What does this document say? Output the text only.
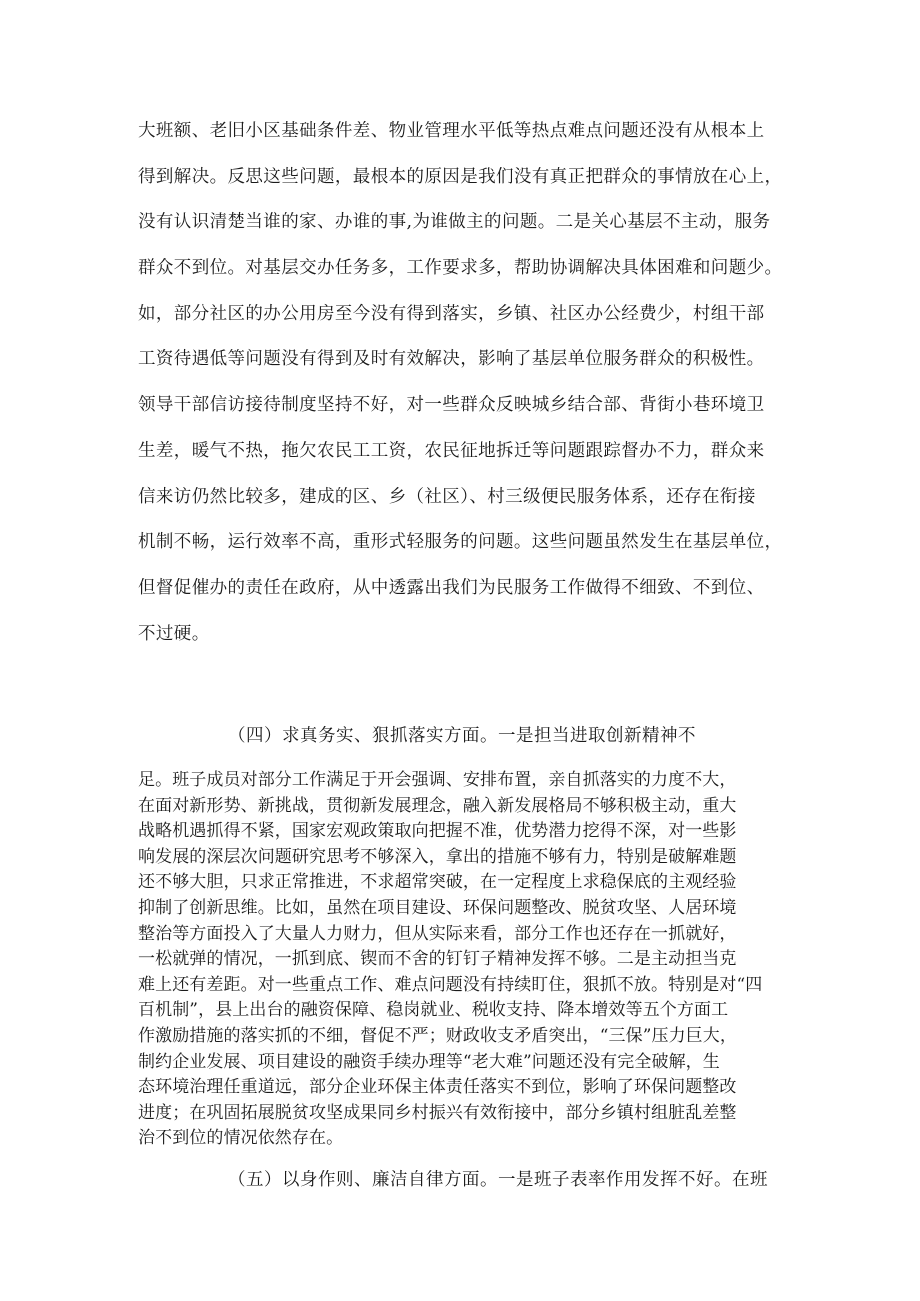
大班额、老旧小区基础条件差、物业管理水平低等热点难点问题还没有从根本上
得到解决。反思这些问题，最根本的原因是我们没有真正把群众的事情放在心上，
没有认识清楚当谁的家、办谁的事,为谁做主的问题。二是关心基层不主动，服务
群众不到位。对基层交办任务多，工作要求多，帮助协调解决具体困难和问题少。
如，部分社区的办公用房至今没有得到落实，乡镇、社区办公经费少，村组干部
工资待遇低等问题没有得到及时有效解决，影响了基层单位服务群众的积极性。
领导干部信访接待制度坚持不好，对一些群众反映城乡结合部、背街小巷环境卫
生差，暖气不热，拖欠农民工工资，农民征地拆迁等问题跟踪督办不力，群众来
信来访仍然比较多，建成的区、乡（社区）、村三级便民服务体系，还存在衔接
机制不畅，运行效率不高，重形式轻服务的问题。这些问题虽然发生在基层单位，
但督促催办的责任在政府，从中透露出我们为民服务工作做得不细致、不到位、
不过硬。
（四）求真务实、狠抓落实方面。一是担当进取创新精神不
足。班子成员对部分工作满足于开会强调、安排布置，亲自抓落实的力度不大，
在面对新形势、新挑战，贯彻新发展理念，融入新发展格局不够积极主动，重大
战略机遇抓得不紧，国家宏观政策取向把握不准，优势潜力挖得不深，对一些影
响发展的深层次问题研究思考不够深入，拿出的措施不够有力，特别是破解难题
还不够大胆，只求正常推进，不求超常突破，在一定程度上求稳保底的主观经验
抑制了创新思维。比如，虽然在项目建设、环保问题整改、脱贫攻坚、人居环境
整治等方面投入了大量人力财力，但从实际来看，部分工作也还存在一抓就好，
一松就弹的情况，一抓到底、锲而不舍的钉钉子精神发挥不够。二是主动担当克
难上还有差距。对一些重点工作、难点问题没有持续盯住，狠抓不放。特别是对“四
百机制”，县上出台的融资保障、稳岗就业、税收支持、降本增效等五个方面工
作激励措施的落实抓的不细，督促不严；财政收支矛盾突出，“三保”压力巨大，
制约企业发展、项目建设的融资手续办理等“老大难”问题还没有完全破解，生
态环境治理任重道远，部分企业环保主体责任落实不到位，影响了环保问题整改
进度；在巩固拓展脱贫攻坚成果同乡村振兴有效衔接中，部分乡镇村组脏乱差整
治不到位的情况依然存在。
（五）以身作则、廉洁自律方面。一是班子表率作用发挥不好。在班
